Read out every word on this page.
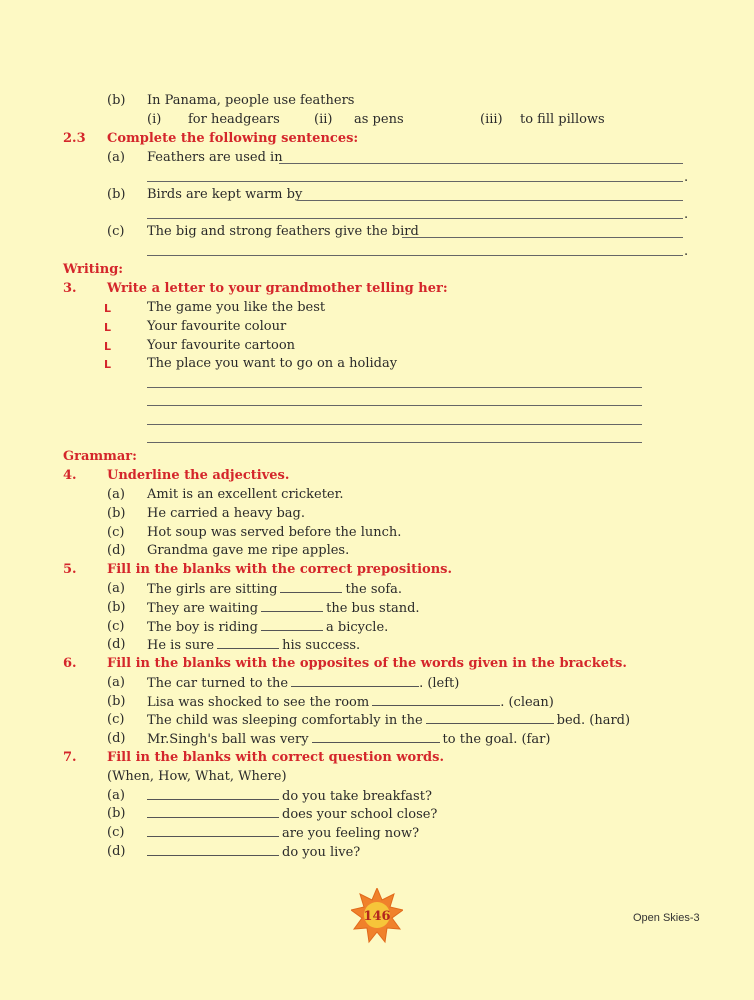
(b) In Panama, people use feathers
(i) for headgears	(ii) as pens	(iii) to fill pillows
2.3 Complete the following sentences:
(a) Feathers are used in
.
(b) Birds are kept warm by
.
(c) The big and strong feathers give the bird
.
Writing:
3. Write a letter to your grandmother telling her:
L	The game you like the best
L	Your favourite colour
L	Your favourite cartoon
L	The place you want to go on a holiday
Grammar:
4. Underline the adjectives.
(a) Amit is an excellent cricketer.
(b) He carried a heavy bag.
(c) Hot soup was served before the lunch.
(d) Grandma gave me ripe apples.
5. Fill in the blanks with the correct prepositions.
(a) The girls are sitting	the sofa.
(b) They are waiting	the bus stand.
(c) The boy is riding	a bicycle.
(d) He is sure	his success.
6. Fill in the blanks with the opposites of the words given in the brackets.
(a) The car turned to the	. (left)
(b) Lisa was shocked to see the room	. (clean)
(c) The child was sleeping comfortably in the	bed. (hard)
(d) Mr.Singh's ball was very	to the goal. (far)
7. Fill in the blanks with correct question words.
(When, How, What, Where)
(a)	do you take breakfast?
(b)	does your school close?
(c)	are you feeling now?
(d)	do you live?
146	Open Skies-3
